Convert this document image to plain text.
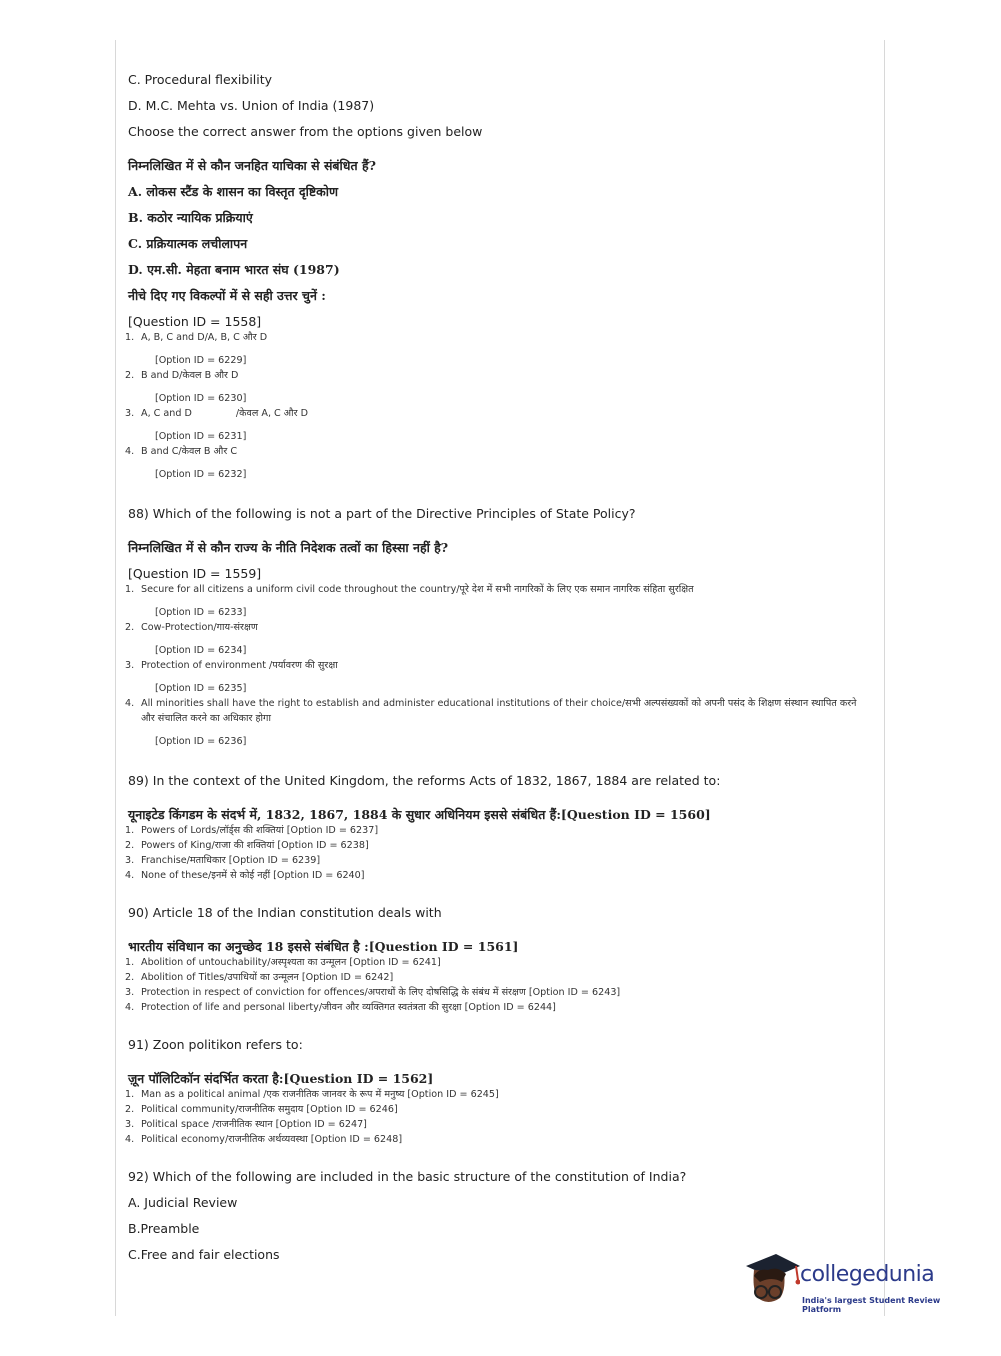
C. Procedural flexibility

D. M.C. Mehta vs. Union of India (1987)

Choose the correct answer from the options given below

निम्नलिखित में से कौन जनहित याचिका से संबंधित हैं?

A. लोकस स्टैंड के शासन का विस्तृत दृष्टिकोण

B. कठोर न्यायिक प्रक्रियाएं

C. प्रक्रियात्मक लचीलापन

D. एम.सी. मेहता बनाम भारत संघ (1987)

नीचे दिए गए विकल्पों में से सही उत्तर चुनें :

[Question ID = 1558]

1. A, B, C and D/A, B, C और D
[Option ID = 6229]
2. B and D/केवल B और D
[Option ID = 6230]
3. A, C and D	/केवल A, C और D
[Option ID = 6231]
4. B and C/केवल B और C
[Option ID = 6232]

88) Which of the following is not a part of the Directive Principles of State Policy?

निम्नलिखित में से कौन राज्य के नीति निदेशक तत्वों का हिस्सा नहीं है?

[Question ID = 1559]

1. Secure for all citizens a uniform civil code throughout the country/पूरे देश में सभी नागरिकों के लिए एक समान नागरिक संहिता सुरक्षित
[Option ID = 6233]
2. Cow-Protection/गाय-संरक्षण
[Option ID = 6234]
3. Protection of environment /पर्यावरण की सुरक्षा
[Option ID = 6235]
4. All minorities shall have the right to establish and administer educational institutions of their choice/सभी अल्पसंख्यकों को अपनी पसंद के शिक्षण संस्थान स्थापित करने और संचालित करने का अधिकार होगा
[Option ID = 6236]

89) In the context of the United Kingdom, the reforms Acts of 1832, 1867, 1884 are related to:

यूनाइटेड किंगडम के संदर्भ में, 1832, 1867, 1884 के सुधार अधिनियम इससे संबंधित हैं:[Question ID = 1560]

1. Powers of Lords/लॉर्ड्स की शक्तियां [Option ID = 6237]
2. Powers of King/राजा की शक्तियां [Option ID = 6238]
3. Franchise/मताधिकार [Option ID = 6239]
4. None of these/इनमें से कोई नहीं [Option ID = 6240]

90) Article 18 of the Indian constitution deals with

भारतीय संविधान का अनुच्छेद 18 इससे संबंधित है :[Question ID = 1561]

1. Abolition of untouchability/अस्पृश्यता का उन्मूलन [Option ID = 6241]
2. Abolition of Titles/उपाधियों का उन्मूलन [Option ID = 6242]
3. Protection in respect of conviction for offences/अपराधों के लिए दोषसिद्धि के संबंध में संरक्षण [Option ID = 6243]
4. Protection of life and personal liberty/जीवन और व्यक्तिगत स्वतंत्रता की सुरक्षा [Option ID = 6244]

91) Zoon politikon refers to:

ज़ून पॉलिटिकॉन संदर्भित करता है:[Question ID = 1562]

1. Man as a political animal /एक राजनीतिक जानवर के रूप में मनुष्य [Option ID = 6245]
2. Political community/राजनीतिक समुदाय [Option ID = 6246]
3. Political space /राजनीतिक स्थान [Option ID = 6247]
4. Political economy/राजनीतिक अर्थव्यवस्था [Option ID = 6248]

92) Which of the following are included in the basic structure of the constitution of India?

A. Judicial Review

B.Preamble

C.Free and fair elections

collegedunia
India's largest Student Review Platform
